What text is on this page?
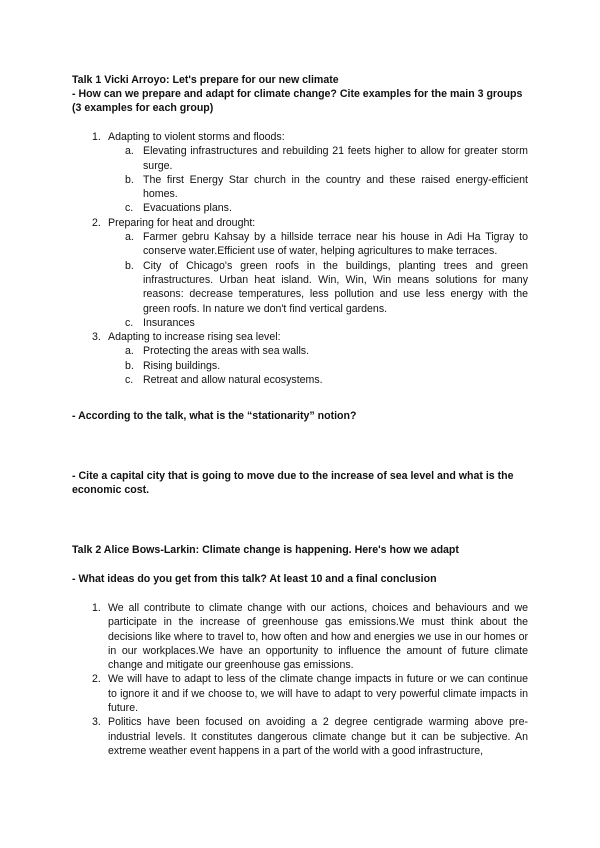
Talk 1 Vicki Arroyo: Let's prepare for our new climate
- How can we prepare and adapt for climate change? Cite examples for the main 3 groups (3 examples for each group)
1. Adapting to violent storms and floods:
a. Elevating infrastructures and rebuilding 21 feets higher to allow for greater storm surge.
b. The first Energy Star church in the country and these raised energy-efficient homes.
c. Evacuations plans.
2. Preparing for heat and drought:
a. Farmer gebru Kahsay by a hillside terrace near his house in Adi Ha Tigray to conserve water.Efficient use of water, helping agricultures to make terraces.
b. City of Chicago's green roofs in the buildings, planting trees and green infrastructures. Urban heat island. Win, Win, Win means solutions for many reasons: decrease temperatures, less pollution and use less energy with the green roofs. In nature we don't find vertical gardens.
c. Insurances
3. Adapting to increase rising sea level:
a. Protecting the areas with sea walls.
b. Rising buildings.
c. Retreat and allow natural ecosystems.
- According to the talk, what is the “stationarity” notion?
- Cite a capital city that is going to move due to the increase of sea level and what is the economic cost.
Talk 2 Alice Bows-Larkin: Climate change is happening. Here's how we adapt
- What ideas do you get from this talk? At least 10 and a final conclusion
1. We all contribute to climate change with our actions, choices and behaviours and we participate in the increase of greenhouse gas emissions.We must think about the decisions like where to travel to, how often and how and energies we use in our homes or in our workplaces.We have an opportunity to influence the amount of future climate change and mitigate our greenhouse gas emissions.
2. We will have to adapt to less of the climate change impacts in future or we can continue to ignore it and if we choose to, we will have to adapt to very powerful climate impacts in future.
3. Politics have been focused on avoiding a 2 degree centigrade warming above pre-industrial levels. It constitutes dangerous climate change but it can be subjective. An extreme weather event happens in a part of the world with a good infrastructure,
